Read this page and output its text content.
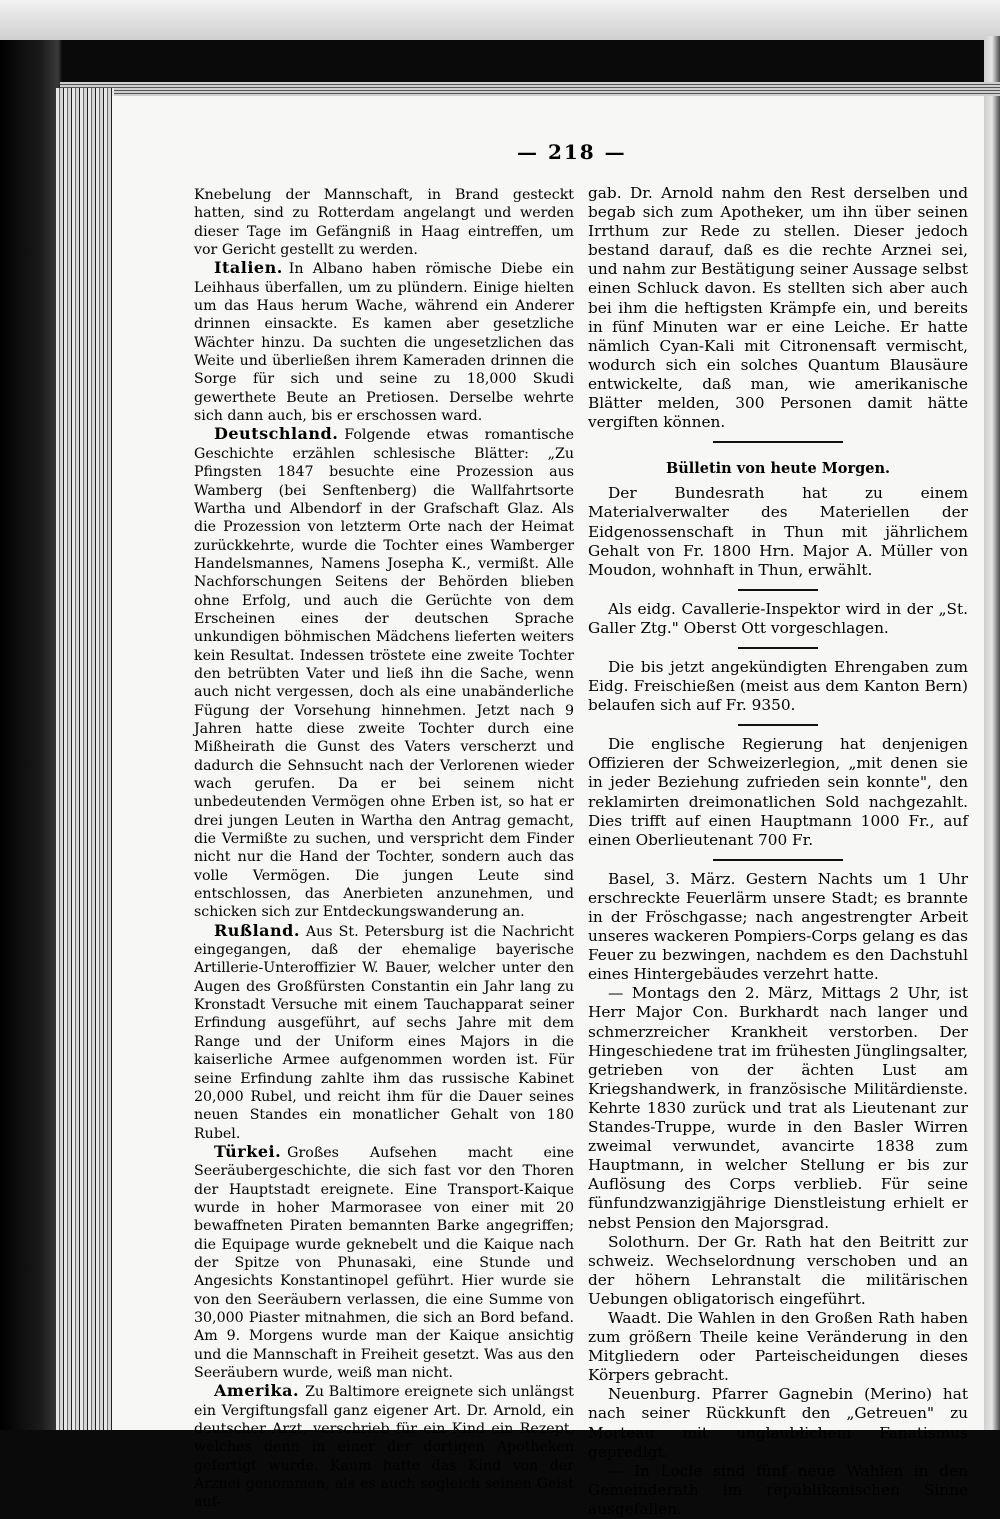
— 218 —

Knebelung der Mannschaft, in Brand gesteckt hatten, sind zu Rotterdam angelangt und werden dieser Tage im Gefängniß in Haag eintreffen, um vor Gericht gestellt zu werden.

Italien. In Albano haben römische Diebe ein Leihhaus überfallen, um zu plündern. Einige hielten um das Haus herum Wache, während ein Anderer drinnen einsackte. Es kamen aber gesetzliche Wächter hinzu. Da suchten die ungesetzlichen das Weite und überließen ihrem Kameraden drinnen die Sorge für sich und seine zu 18,000 Skudi gewerthete Beute an Pretiosen. Derselbe wehrte sich dann auch, bis er erschossen ward.

Deutschland. Folgende etwas romantische Geschichte erzählen schlesische Blätter: „Zu Pfingsten 1847 besuchte eine Prozession aus Wamberg (bei Senftenberg) die Wallfahrtsorte Wartha und Albendorf in der Grafschaft Glaz. Als die Prozession von letzterm Orte nach der Heimat zurückkehrte, wurde die Tochter eines Wamberger Handelsmannes, Namens Josepha K., vermißt. Alle Nachforschungen Seitens der Behörden blieben ohne Erfolg, und auch die Gerüchte von dem Erscheinen eines der deutschen Sprache unkundigen böhmischen Mädchens lieferten weiters kein Resultat. Indessen tröstete eine zweite Tochter den betrübten Vater und ließ ihn die Sache, wenn auch nicht vergessen, doch als eine unabänderliche Fügung der Vorsehung hinnehmen. Jetzt nach 9 Jahren hatte diese zweite Tochter durch eine Mißheirath die Gunst des Vaters verscherzt und dadurch die Sehnsucht nach der Verlorenen wieder wach gerufen. Da er bei seinem nicht unbedeutenden Vermögen ohne Erben ist, so hat er drei jungen Leuten in Wartha den Antrag gemacht, die Vermißte zu suchen, und verspricht dem Finder nicht nur die Hand der Tochter, sondern auch das volle Vermögen. Die jungen Leute sind entschlossen, das Anerbieten anzunehmen, und schicken sich zur Entdeckungswanderung an.

Rußland. Aus St. Petersburg ist die Nachricht eingegangen, daß der ehemalige bayerische Artillerie-Unteroffizier W. Bauer, welcher unter den Augen des Großfürsten Constantin ein Jahr lang zu Kronstadt Versuche mit einem Tauchapparat seiner Erfindung ausgeführt, auf sechs Jahre mit dem Range und der Uniform eines Majors in die kaiserliche Armee aufgenommen worden ist. Für seine Erfindung zahlte ihm das russische Kabinet 20,000 Rubel, und reicht ihm für die Dauer seines neuen Standes ein monatlicher Gehalt von 180 Rubel.

Türkei. Großes Aufsehen macht eine Seeräubergeschichte, die sich fast vor den Thoren der Hauptstadt ereignete. Eine Transport-Kaique wurde in hoher Marmorasee von einer mit 20 bewaffneten Piraten bemannten Barke angegriffen; die Equipage wurde geknebelt und die Kaique nach der Spitze von Phunasaki, eine Stunde und Angesichts Konstantinopel geführt. Hier wurde sie von den Seeräubern verlassen, die eine Summe von 30,000 Piaster mitnahmen, die sich an Bord befand. Am 9. Morgens wurde man der Kaique ansichtig und die Mannschaft in Freiheit gesetzt. Was aus den Seeräubern wurde, weiß man nicht.

Amerika. Zu Baltimore ereignete sich unlängst ein Vergiftungsfall ganz eigener Art. Dr. Arnold, ein deutscher Arzt, verschrieb für ein Kind ein Rezept, welches denn in einer der dortigen Apotheken gefertigt wurde. Kaum hatte das Kind von der Arznei genommen, als es auch sogleich seinen Geist auf-

gab. Dr. Arnold nahm den Rest derselben und begab sich zum Apotheker, um ihn über seinen Irrthum zur Rede zu stellen. Dieser jedoch bestand darauf, daß es die rechte Arznei sei, und nahm zur Bestätigung seiner Aussage selbst einen Schluck davon. Es stellten sich aber auch bei ihm die heftigsten Krämpfe ein, und bereits in fünf Minuten war er eine Leiche. Er hatte nämlich Cyan-Kali mit Citronensaft vermischt, wodurch sich ein solches Quantum Blausäure entwickelte, daß man, wie amerikanische Blätter melden, 300 Personen damit hätte vergiften können.

Bülletin von heute Morgen.

Der Bundesrath hat zu einem Materialverwalter des Materiellen der Eidgenossenschaft in Thun mit jährlichem Gehalt von Fr. 1800 Hrn. Major A. Müller von Moudon, wohnhaft in Thun, erwählt.

Als eidg. Cavallerie-Inspektor wird in der „St. Galler Ztg." Oberst Ott vorgeschlagen.

Die bis jetzt angekündigten Ehrengaben zum Eidg. Freischießen (meist aus dem Kanton Bern) belaufen sich auf Fr. 9350.

Die englische Regierung hat denjenigen Offizieren der Schweizerlegion, „mit denen sie in jeder Beziehung zufrieden sein konnte", den reklamirten dreimonatlichen Sold nachgezahlt. Dies trifft auf einen Hauptmann 1000 Fr., auf einen Oberlieutenant 700 Fr.

Basel, 3. März. Gestern Nachts um 1 Uhr erschreckte Feuerlärm unsere Stadt; es brannte in der Fröschgasse; nach angestrengter Arbeit unseres wackeren Pompiers-Corps gelang es das Feuer zu bezwingen, nachdem es den Dachstuhl eines Hintergebäudes verzehrt hatte.

— Montags den 2. März, Mittags 2 Uhr, ist Herr Major Con. Burkhardt nach langer und schmerzreicher Krankheit verstorben. Der Hingeschiedene trat im frühesten Jünglingsalter, getrieben von der ächten Lust am Kriegshandwerk, in französische Militärdienste. Kehrte 1830 zurück und trat als Lieutenant zur Standes-Truppe, wurde in den Basler Wirren zweimal verwundet, avancirte 1838 zum Hauptmann, in welcher Stellung er bis zur Auflösung des Corps verblieb. Für seine fünfundzwanzigjährige Dienstleistung erhielt er nebst Pension den Majorsgrad.

Solothurn. Der Gr. Rath hat den Beitritt zur schweiz. Wechselordnung verschoben und an der höhern Lehranstalt die militärischen Uebungen obligatorisch eingeführt.

Waadt. Die Wahlen in den Großen Rath haben zum größern Theile keine Veränderung in den Mitgliedern oder Parteischeidungen dieses Körpers gebracht.

Neuenburg. Pfarrer Gagnebin (Merino) hat nach seiner Rückkunft den „Getreuen" zu Morteau mit unglaublichem Fanatismus gepredigt.

— In Locle sind fünf neue Wahlen in den Gemeinderath im republikanischen Sinne ausgefallen.
